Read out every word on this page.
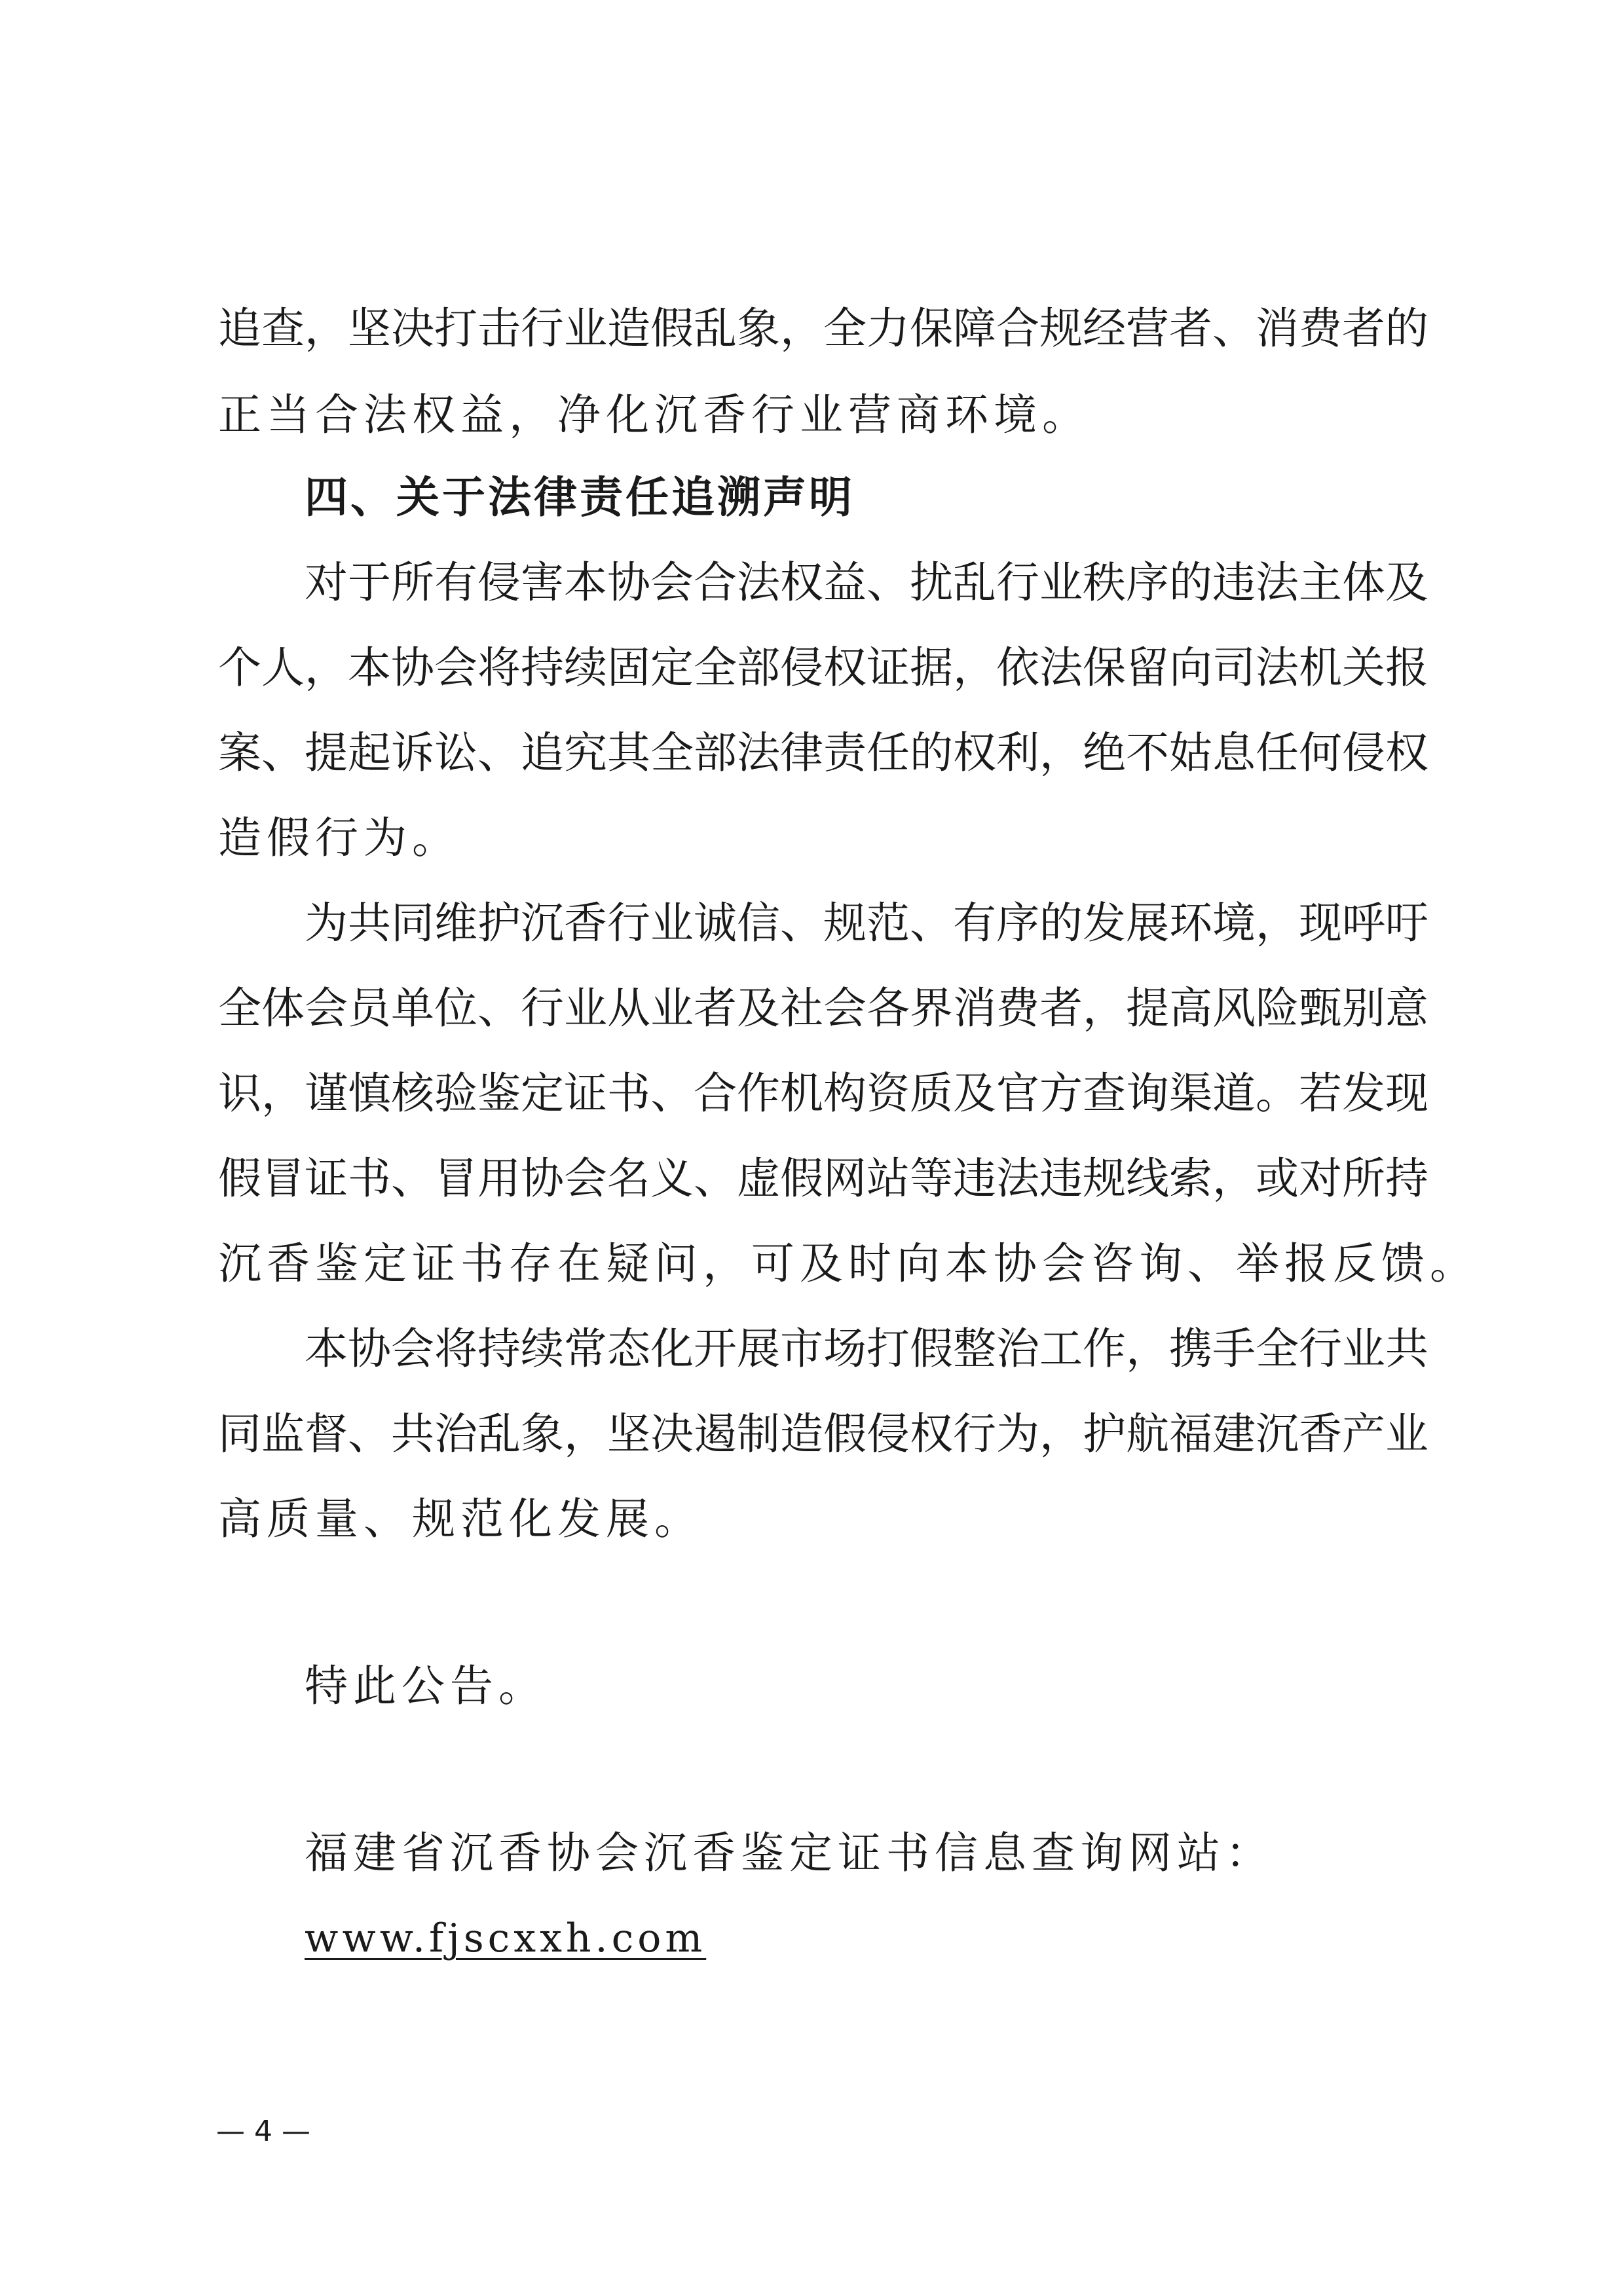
追查，坚决打击行业造假乱象，全力保障合规经营者、消费者的
正当合法权益，净化沉香行业营商环境。
四、关于法律责任追溯声明
对于所有侵害本协会合法权益、扰乱行业秩序的违法主体及
个人，本协会将持续固定全部侵权证据，依法保留向司法机关报
案、提起诉讼、追究其全部法律责任的权利，绝不姑息任何侵权
造假行为。
为共同维护沉香行业诚信、规范、有序的发展环境，现呼吁
全体会员单位、行业从业者及社会各界消费者，提高风险甄别意
识，谨慎核验鉴定证书、合作机构资质及官方查询渠道。若发现
假冒证书、冒用协会名义、虚假网站等违法违规线索，或对所持
沉香鉴定证书存在疑问，可及时向本协会咨询、举报反馈。
本协会将持续常态化开展市场打假整治工作，携手全行业共
同监督、共治乱象，坚决遏制造假侵权行为，护航福建沉香产业
高质量、规范化发展。
特此公告。
福建省沉香协会沉香鉴定证书信息查询网站：
www.fjscxxh.com
— 4 —
